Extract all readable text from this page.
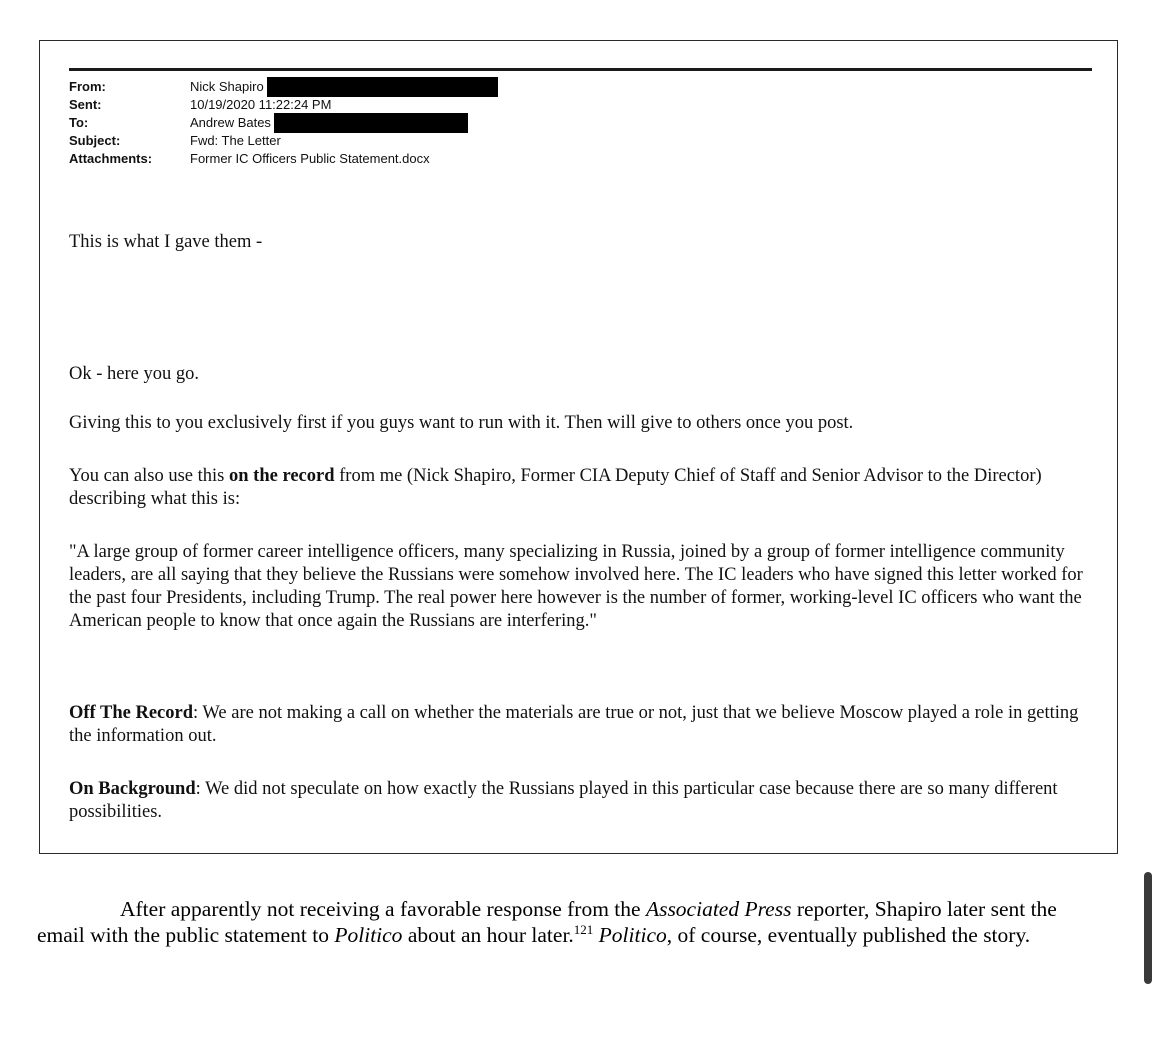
From:	Nick Shapiro
Sent:	10/19/2020 11:22:24 PM
To:	Andrew Bates
Subject:	Fwd: The Letter
Attachments:	Former IC Officers Public Statement.docx
This is what I gave them -
Ok - here you go.
Giving this to you exclusively first if you guys want to run with it. Then will give to others once you post.
You can also use this on the record from me (Nick Shapiro, Former CIA Deputy Chief of Staff and Senior Advisor to the Director) describing what this is:
"A large group of former career intelligence officers, many specializing in Russia, joined by a group of former intelligence community leaders, are all saying that they believe the Russians were somehow involved here. The IC leaders who have signed this letter worked for the past four Presidents, including Trump. The real power here however is the number of former, working-level IC officers who want the American people to know that once again the Russians are interfering."
Off The Record: We are not making a call on whether the materials are true or not, just that we believe Moscow played a role in getting the information out.
On Background: We did not speculate on how exactly the Russians played in this particular case because there are so many different possibilities.
After apparently not receiving a favorable response from the Associated Press reporter, Shapiro later sent the email with the public statement to Politico about an hour later.$^{121}$ Politico, of course, eventually published the story.
